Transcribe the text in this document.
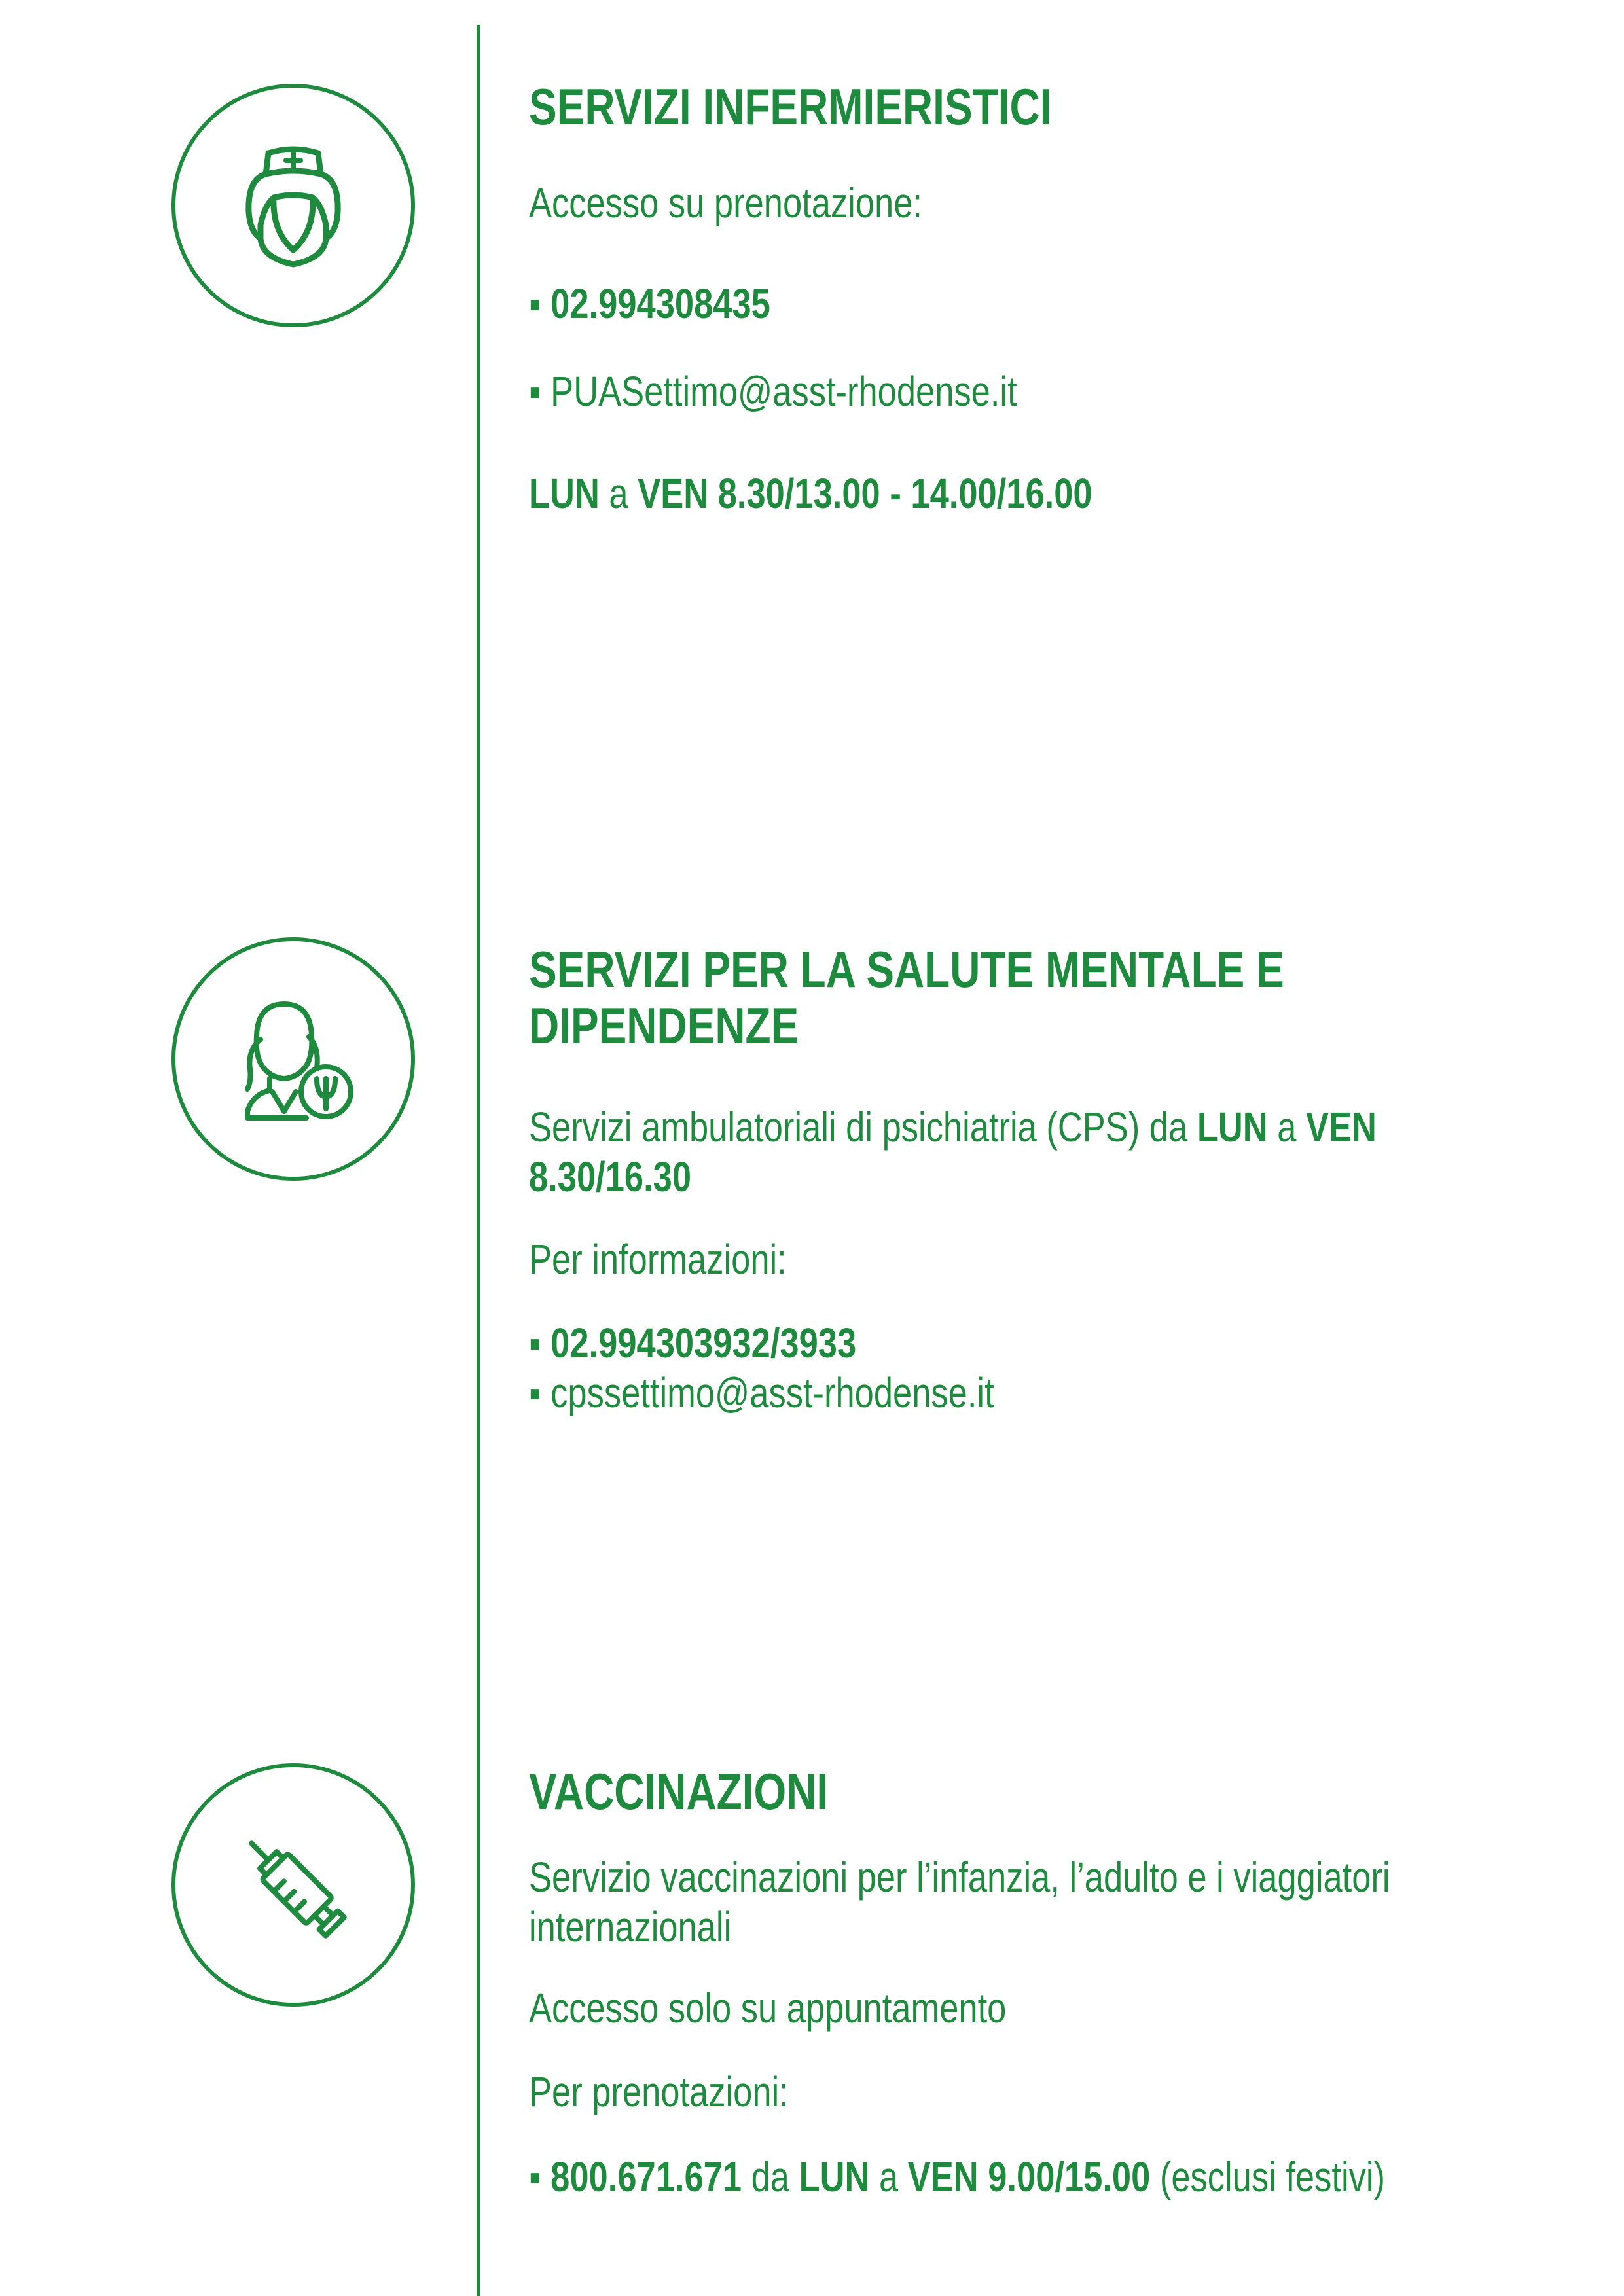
SERVIZI INFERMIERISTICI
Accesso su prenotazione:
▪ 02.994308435
▪ PUASettimo@asst-rhodense.it
LUN a VEN 8.30/13.00 - 14.00/16.00
SERVIZI PER LA SALUTE MENTALE E DIPENDENZE
Servizi ambulatoriali di psichiatria (CPS) da LUN a VEN
8.30/16.30
Per informazioni:
▪ 02.994303932/3933
▪ cpssettimo@asst-rhodense.it
VACCINAZIONI
Servizio vaccinazioni per l’infanzia, l’adulto e i viaggiatori internazionali
Accesso solo su appuntamento
Per prenotazioni:
▪ 800.671.671 da LUN a VEN 9.00/15.00 (esclusi festivi)
